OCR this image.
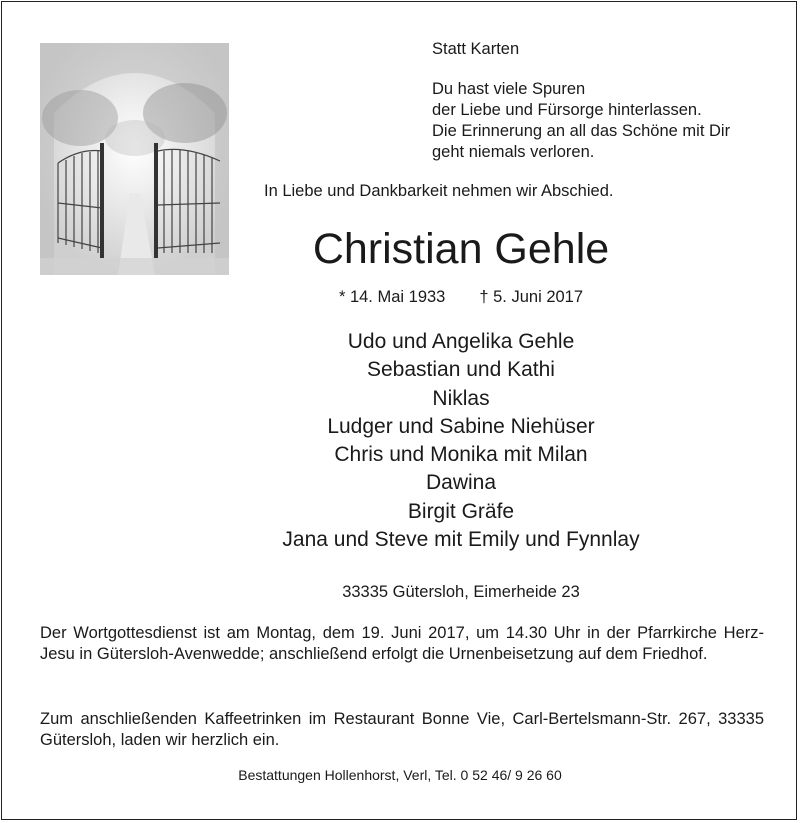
Statt Karten
Du hast viele Spuren
der Liebe und Fürsorge hinterlassen.
Die Erinnerung an all das Schöne mit Dir
geht niemals verloren.
In Liebe und Dankbarkeit nehmen wir Abschied.
Christian Gehle
* 14. Mai 1933 † 5. Juni 2017
Udo und Angelika Gehle
Sebastian und Kathi
Niklas
Ludger und Sabine Niehüser
Chris und Monika mit Milan
Dawina
Birgit Gräfe
Jana und Steve mit Emily und Fynnlay
33335 Gütersloh, Eimerheide 23
Der Wortgottesdienst ist am Montag, dem 19. Juni 2017, um 14.30 Uhr in der Pfarrkirche Herz-Jesu in Gütersloh-Avenwedde; anschließend erfolgt die Urnenbeisetzung auf dem Friedhof.
Zum anschließenden Kaffeetrinken im Restaurant Bonne Vie, Carl-Bertelsmann-Str. 267, 33335 Gütersloh, laden wir herzlich ein.
Bestattungen Hollenhorst, Verl, Tel. 0 52 46/ 9 26 60
